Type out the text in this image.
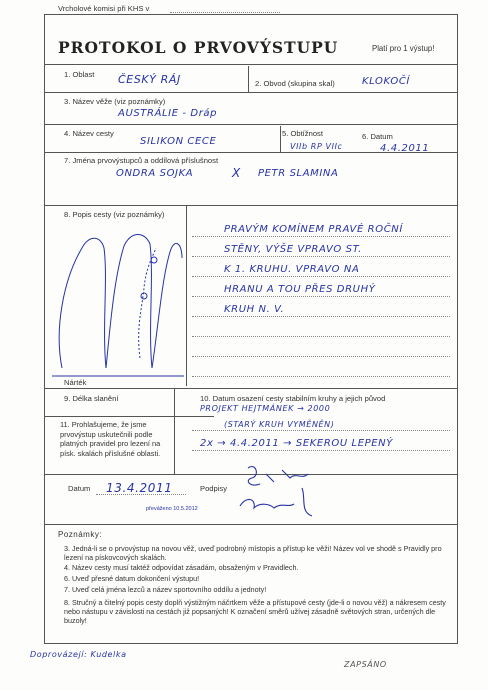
Vrcholové komisi při KHS v
PROTOKOL O PRVOVÝSTUPU	Platí pro 1 výstup!
1. Oblast ČESKÝ RÁJ	2. Obvod (skupina skal)	KLOKOČÍ
3. Název věže (viz poznámky)
AUSTRÁLIE - Dráp
4. Název cesty
SILIKON CECE
5. Obtížnost
VIIb RP VIIc
6. Datum
4.4.2011
7. Jména prvovýstupců a oddílová příslušnost
ONDRA SOJKA	X PETR SLAMINA
8. Popis cesty (viz poznámky)
Nárték
PRAVÝM KOMÍNEM PRAVÉ ROČNÍ
STĚNY, VÝŠE VPRAVO ST.
K 1. KRUHU. VPRAVO NA
HRANU A TOU PŘES DRUHÝ
KRUH N. V.
9. Délka slanění	10. Datum osazení cesty stabilním kruhy a jejich původ
PROJEKT HEJTMÁNEK → 2000
(STARÝ KRUH VYMĚNĚN)
2x → 4.4.2011 → SEKEROU LEPENÝ
11. Prohlašujeme, že jsme prvovýstup uskutečnili podle platných pravidel pro lezení na písk. skalách příslušné oblasti.
Datum 13.4.2011	Podpisy
převáženo 10.5.2012
Poznámky:
3. Jedná-li se o prvovýstup na novou věž, uveď podrobný místopis a přístup ke věži! Název vol ve shodě s Pravidly pro lezení na pískovcových skalách.
4. Název cesty musí taktéž odpovídat zásadám, obsaženým v Pravidlech.
6. Uveď přesné datum dokončení výstupu!
7. Uveď celá jména lezců a název sportovního oddílu a jednoty!
8. Stručný a čitelný popis cesty doplň výstižným náčrtkem věže a přístupové cesty (jde-li o novou věž) a nákresem cesty nebo nástupu v závislosti na cestách již popsaných! K označení směrů užívej zásadně světových stran, určených dle buzoly!
Doprovázejí: Kudelka
ZAPSÁNO
